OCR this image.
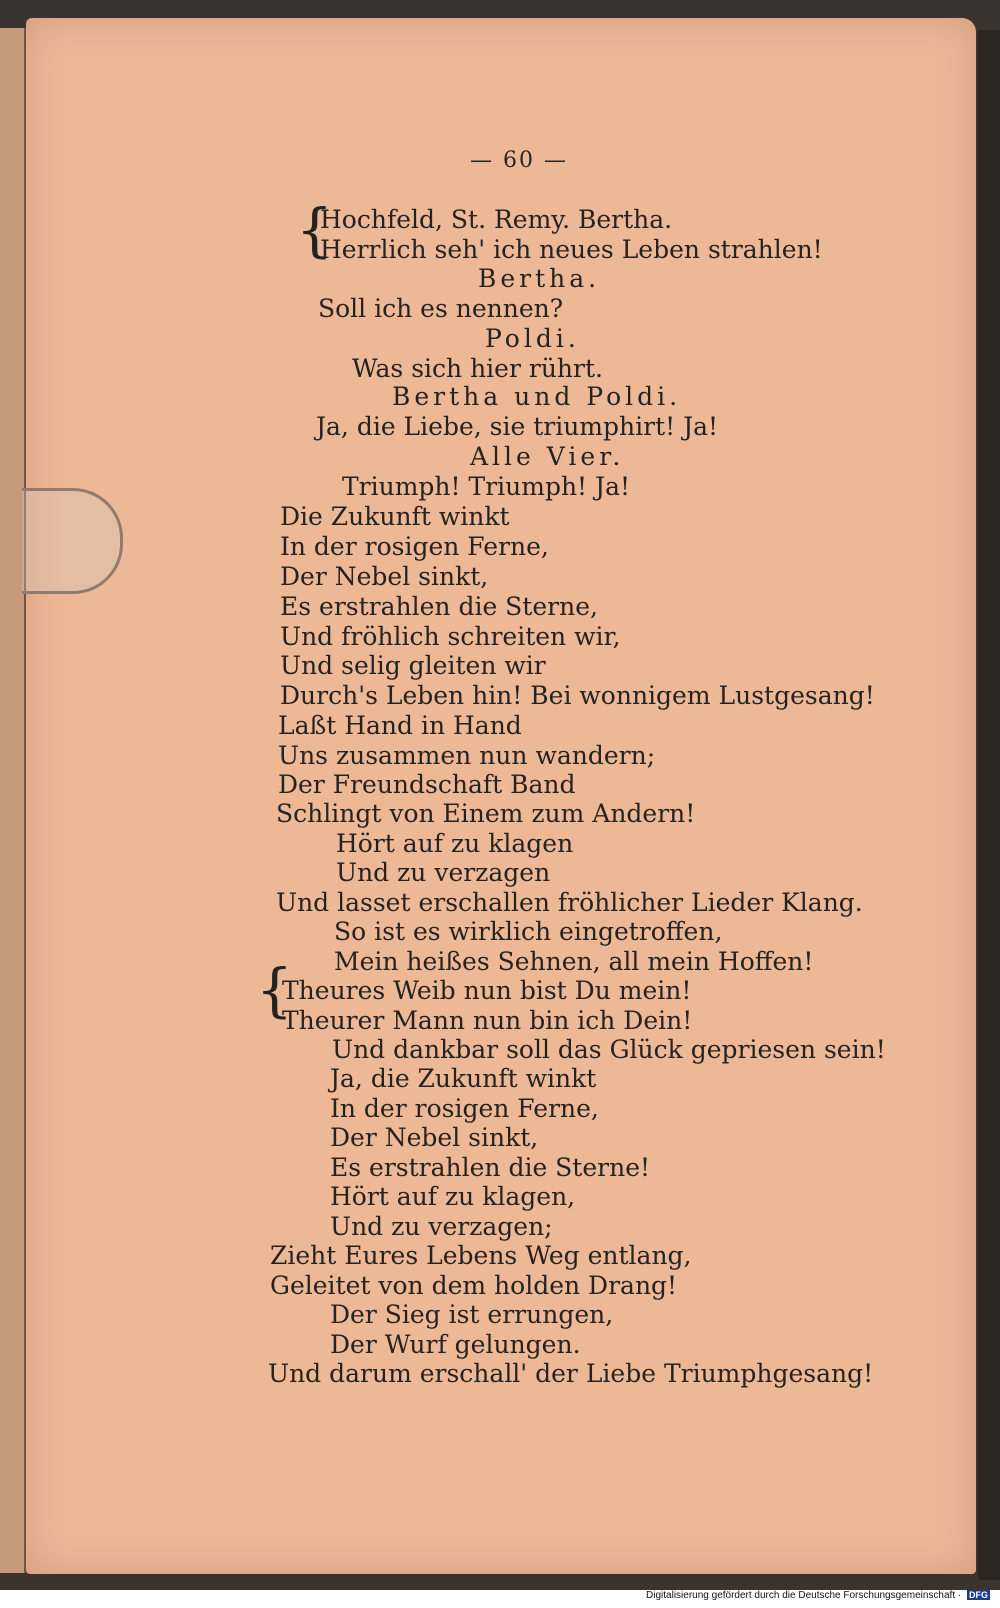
— 60 —
{
{
Hochfeld, St. Remy. Bertha.
Herrlich seh' ich neues Leben strahlen!
Bertha.
Soll ich es nennen?
Poldi.
Was sich hier rührt.
Bertha und Poldi.
Ja, die Liebe, sie triumphirt! Ja!
Alle Vier.
Triumph! Triumph! Ja!
Die Zukunft winkt
In der rosigen Ferne,
Der Nebel sinkt,
Es erstrahlen die Sterne,
Und fröhlich schreiten wir,
Und selig gleiten wir
Durch's Leben hin! Bei wonnigem Lustgesang!
Laßt Hand in Hand
Uns zusammen nun wandern;
Der Freundschaft Band
Schlingt von Einem zum Andern!
Hört auf zu klagen
Und zu verzagen
Und lasset erschallen fröhlicher Lieder Klang.
So ist es wirklich eingetroffen,
Mein heißes Sehnen, all mein Hoffen!
Theures Weib nun bist Du mein!
Theurer Mann nun bin ich Dein!
Und dankbar soll das Glück gepriesen sein!
Ja, die Zukunft winkt
In der rosigen Ferne,
Der Nebel sinkt,
Es erstrahlen die Sterne!
Hört auf zu klagen,
Und zu verzagen;
Zieht Eures Lebens Weg entlang,
Geleitet von dem holden Drang!
Der Sieg ist errungen,
Der Wurf gelungen.
Und darum erschall' der Liebe Triumphgesang!
Digitalisierung gefördert durch die Deutsche Forschungsgemeinschaft · DFG
